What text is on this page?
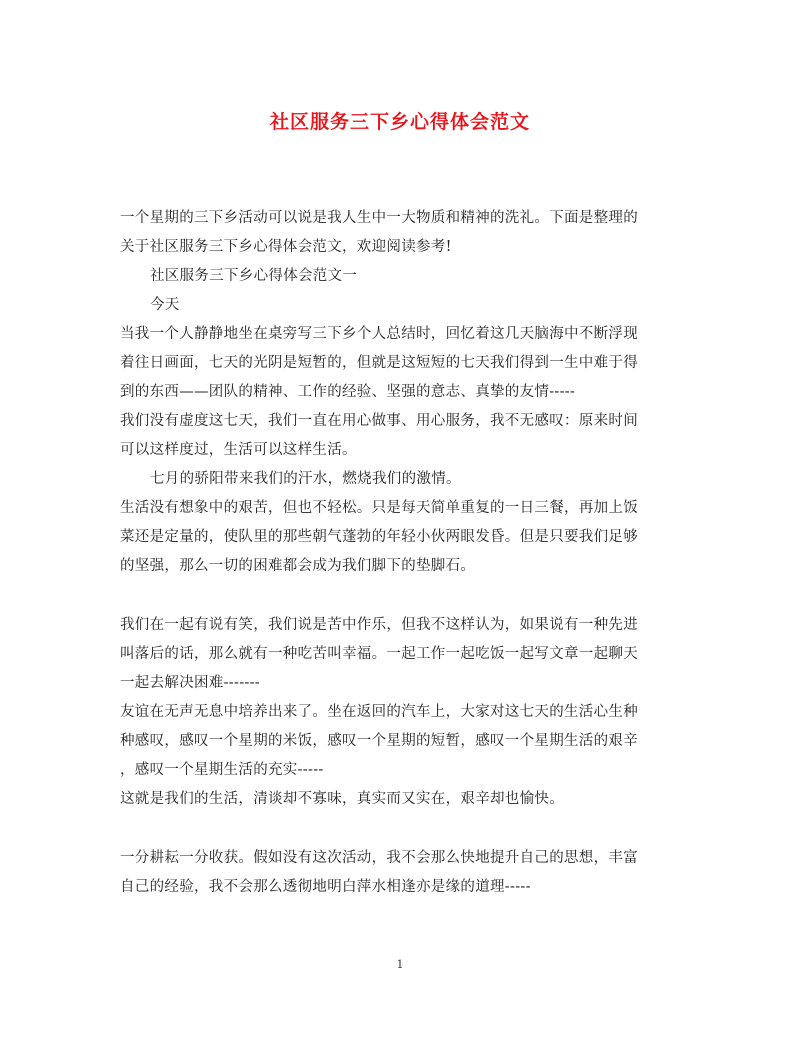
社区服务三下乡心得体会范文

一个星期的三下乡活动可以说是我人生中一大物质和精神的洗礼。下面是整理的

关于社区服务三下乡心得体会范文，欢迎阅读参考!

社区服务三下乡心得体会范文一

今天

当我一个人静静地坐在桌旁写三下乡个人总结时，回忆着这几天脑海中不断浮现

着往日画面，七天的光阴是短暂的，但就是这短短的七天我们得到一生中难于得

到的东西——团队的精神、工作的经验、坚强的意志、真挚的友情-----

我们没有虚度这七天，我们一直在用心做事、用心服务，我不无感叹：原来时间

可以这样度过，生活可以这样生活。

七月的骄阳带来我们的汗水，燃烧我们的激情。

生活没有想象中的艰苦，但也不轻松。只是每天简单重复的一日三餐，再加上饭

菜还是定量的，使队里的那些朝气蓬勃的年轻小伙两眼发昏。但是只要我们足够

的坚强，那么一切的困难都会成为我们脚下的垫脚石。

我们在一起有说有笑，我们说是苦中作乐，但我不这样认为，如果说有一种先进

叫落后的话，那么就有一种吃苦叫幸福。一起工作一起吃饭一起写文章一起聊天

一起去解决困难-------

友谊在无声无息中培养出来了。坐在返回的汽车上，大家对这七天的生活心生种

种感叹，感叹一个星期的米饭，感叹一个星期的短暂，感叹一个星期生活的艰辛

，感叹一个星期生活的充实-----

这就是我们的生活，清谈却不寡味，真实而又实在，艰辛却也愉快。

一分耕耘一分收获。假如没有这次活动，我不会那么快地提升自己的思想，丰富

自己的经验，我不会那么透彻地明白萍水相逢亦是缘的道理-----

1
